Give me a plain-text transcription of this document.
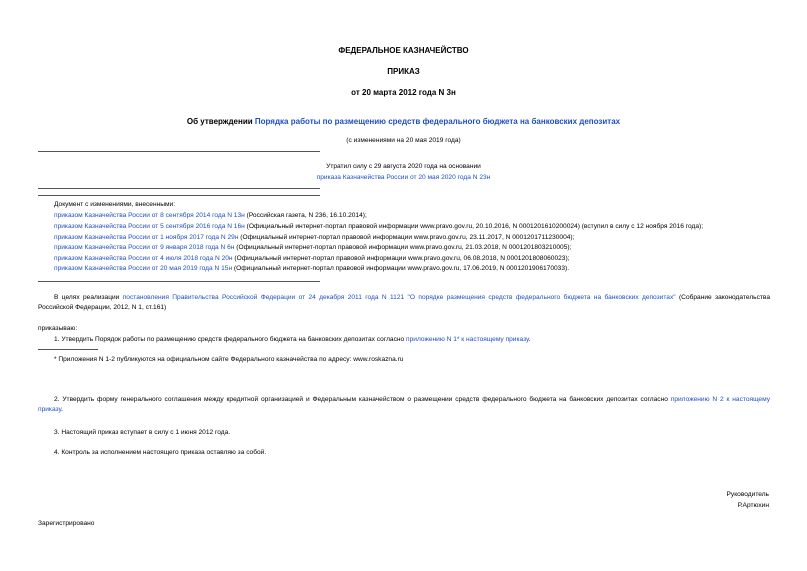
ФЕДЕРАЛЬНОЕ КАЗНАЧЕЙСТВО
ПРИКАЗ
от 20 марта 2012 года N 3н
Об утверждении Порядка работы по размещению средств федерального бюджета на банковских депозитах
(с изменениями на 20 мая 2019 года)
Утратил силу с 29 августа 2020 года на основании
приказа Казначейства России от 20 мая 2020 года N 23н
Документ с изменениями, внесенными:
приказом Казначейства России от 8 сентября 2014 года N 13н (Российская газета, N 236, 16.10.2014);
приказом Казначейства России от 5 сентября 2016 года N 16н (Официальный интернет-портал правовой информации www.pravo.gov.ru, 20.10.2016, N 0001201610200024) (вступил в силу с 12 ноября 2016 года);
приказом Казначейства России от 1 ноября 2017 года N 29н (Официальный интернет-портал правовой информации www.pravo.gov.ru, 23.11.2017, N 0001201711230004);
приказом Казначейства России от 9 января 2018 года N 6н (Официальный интернет-портал правовой информации www.pravo.gov.ru, 21.03.2018, N 0001201803210005);
приказом Казначейства России от 4 июля 2018 года N 20н (Официальный интернет-портал правовой информации www.pravo.gov.ru, 06.08.2018, N 0001201808060023);
приказом Казначейства России от 20 мая 2019 года N 15н (Официальный интернет-портал правовой информации www.pravo.gov.ru, 17.06.2019, N 0001201906170033).
В целях реализации постановления Правительства Российской Федерации от 24 декабря 2011 года N 1121 "О порядке размещения средств федерального бюджета на банковских депозитах" (Собрание законодательства Российской Федерации, 2012, N 1, ст.161)
приказываю:
1. Утвердить Порядок работы по размещению средств федерального бюджета на банковских депозитах согласно приложению N 1* к настоящему приказу.
* Приложения N 1-2 публикуются на официальном сайте Федерального казначейства по адресу: www.roskazna.ru
2. Утвердить форму генерального соглашения между кредитной организацией и Федеральным казначейством о размещении средств федерального бюджета на банковских депозитах согласно приложению N 2 к настоящему приказу.
3. Настоящий приказ вступает в силу с 1 июня 2012 года.
4. Контроль за исполнением настоящего приказа оставляю за собой.
Руководитель
Р.Артюхин
Зарегистрировано
